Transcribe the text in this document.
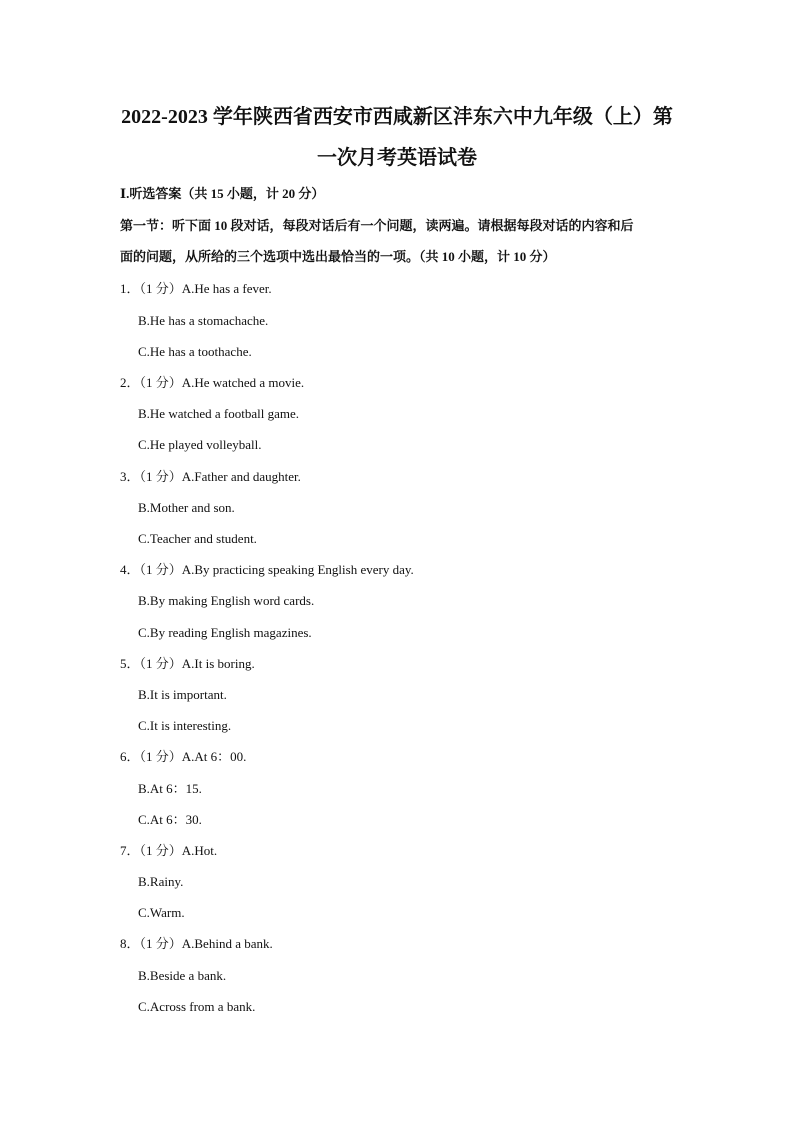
2022-2023 学年陕西省西安市西咸新区沣东六中九年级（上）第
一次月考英语试卷
Ⅰ.听选答案（共 15 小题，计 20 分）
第一节：听下面 10 段对话，每段对话后有一个问题，读两遍。请根据每段对话的内容和后
面的问题，从所给的三个选项中选出最恰当的一项。（共 10 小题，计 10 分）
1．（1 分）A.He has a fever.
B.He has a stomachache.
C.He has a toothache.
2．（1 分）A.He watched a movie.
B.He watched a football game.
C.He played volleyball.
3．（1 分）A.Father and daughter.
B.Mother and son.
C.Teacher and student.
4．（1 分）A.By practicing speaking English every day.
B.By making English word cards.
C.By reading English magazines.
5．（1 分）A.It is boring.
B.It is important.
C.It is interesting.
6．（1 分）A.At 6：00.
B.At 6：15.
C.At 6：30.
7．（1 分）A.Hot.
B.Rainy.
C.Warm.
8．（1 分）A.Behind a bank.
B.Beside a bank.
C.Across from a bank.
